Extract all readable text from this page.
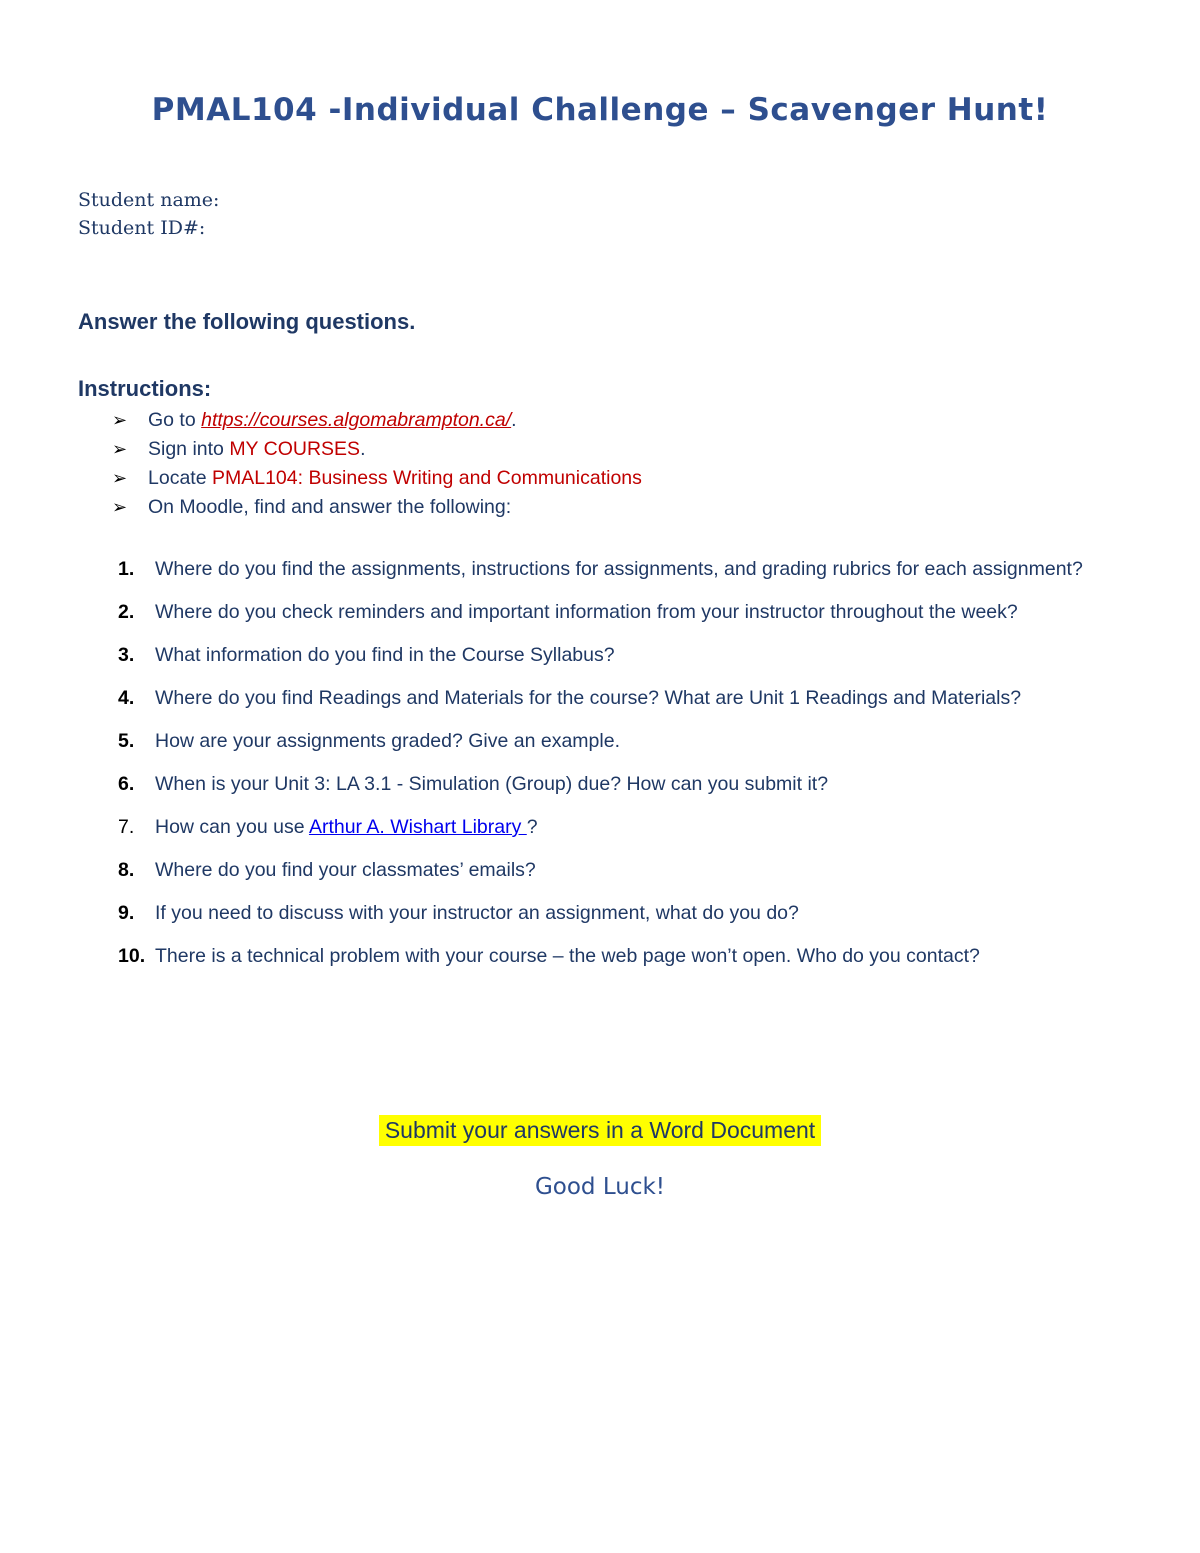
PMAL104 -Individual Challenge – Scavenger Hunt!
Student name:
Student ID#:
Answer the following questions.
Instructions:
➢ Go to https://courses.algomabrampton.ca/.
➢ Sign into MY COURSES.
➢ Locate PMAL104: Business Writing and Communications
➢ On Moodle, find and answer the following:
1. Where do you find the assignments, instructions for assignments, and grading rubrics for each assignment?
2. Where do you check reminders and important information from your instructor throughout the week?
3. What information do you find in the Course Syllabus?
4. Where do you find Readings and Materials for the course? What are Unit 1 Readings and Materials?
5. How are your assignments graded? Give an example.
6. When is your Unit 3: LA 3.1 - Simulation (Group) due? How can you submit it?
7. How can you use Arthur A. Wishart Library ?
8. Where do you find your classmates’ emails?
9. If you need to discuss with your instructor an assignment, what do you do?
10. There is a technical problem with your course – the web page won’t open. Who do you contact?
Submit your answers in a Word Document
Good Luck!
